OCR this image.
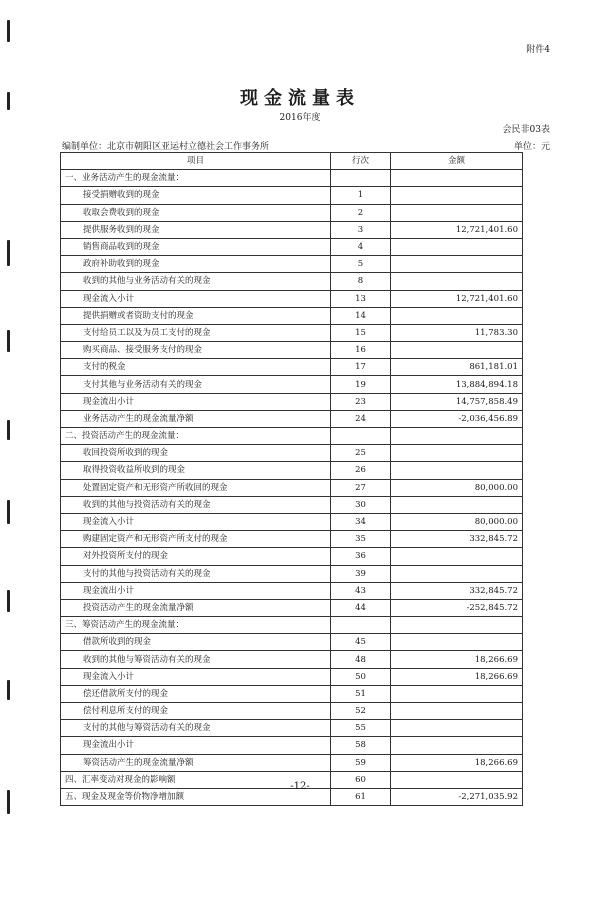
附件4
现金流量表
2016年度
会民非03表
编制单位：北京市朝阳区亚运村立德社会工作事务所	单位：元
项目	行次	金额
一、业务活动产生的现金流量：		
接受捐赠收到的现金	1	
收取会费收到的现金	2	
提供服务收到的现金	3	12,721,401.60
销售商品收到的现金	4	
政府补助收到的现金	5	
收到的其他与业务活动有关的现金	8	
现金流入小计	13	12,721,401.60
提供捐赠或者资助支付的现金	14	
支付给员工以及为员工支付的现金	15	11,783.30
购买商品、接受服务支付的现金	16	
支付的税金	17	861,181.01
支付其他与业务活动有关的现金	19	13,884,894.18
现金流出小计	23	14,757,858.49
业务活动产生的现金流量净额	24	-2,036,456.89
二、投资活动产生的现金流量：		
收回投资所收到的现金	25	
取得投资收益所收到的现金	26	
处置固定资产和无形资产所收回的现金	27	80,000.00
收到的其他与投资活动有关的现金	30	
现金流入小计	34	80,000.00
购建固定资产和无形资产所支付的现金	35	332,845.72
对外投资所支付的现金	36	
支付的其他与投资活动有关的现金	39	
现金流出小计	43	332,845.72
投资活动产生的现金流量净额	44	-252,845.72
三、筹资活动产生的现金流量：		
借款所收到的现金	45	
收到的其他与筹资活动有关的现金	48	18,266.69
现金流入小计	50	18,266.69
偿还借款所支付的现金	51	
偿付利息所支付的现金	52	
支付的其他与筹资活动有关的现金	55	
现金流出小计	58	
筹资活动产生的现金流量净额	59	18,266.69
四、汇率变动对现金的影响额	60	
五、现金及现金等价物净增加额	61	-2,271,035.92
-12-
